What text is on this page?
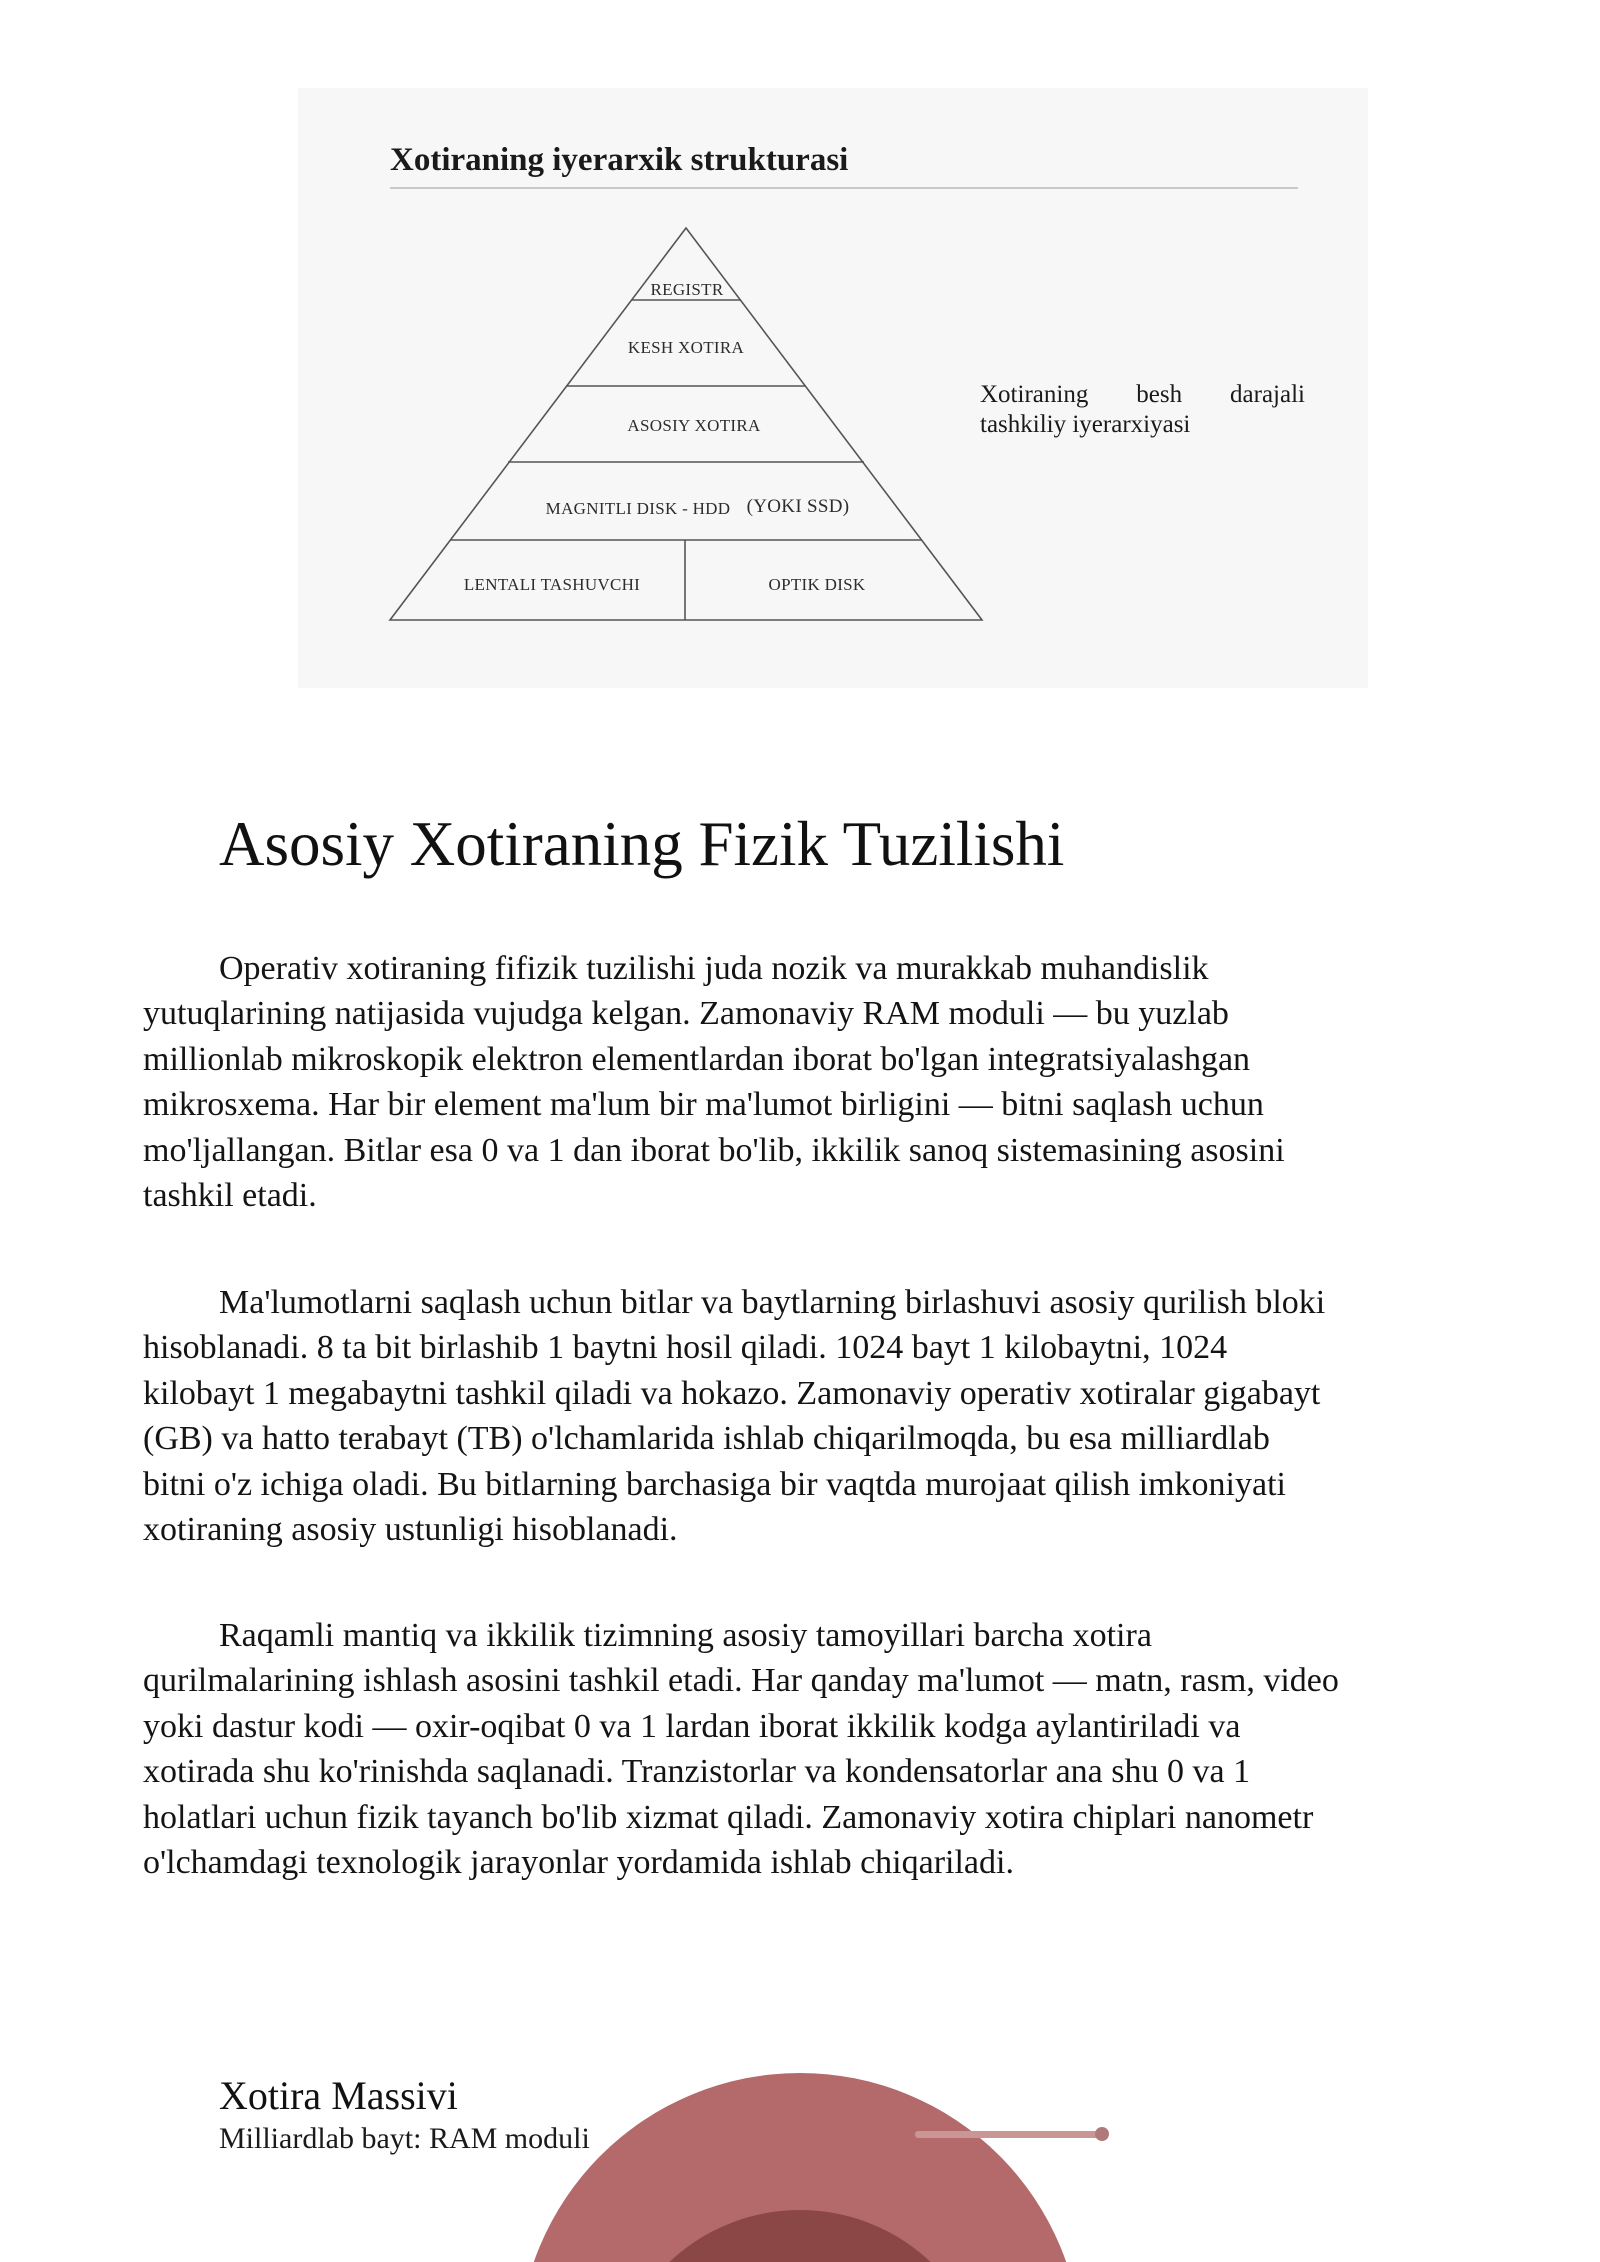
Xotiraning iyerarxik strukturasi
REGISTR
KESH XOTIRA
ASOSIY XOTIRA
MAGNITLI DISK - HDD (YOKI SSD)
LENTALI TASHUVCHI	OPTIK DISK
Xotiraning besh darajali
tashkiliy iyerarxiyasi
Asosiy Xotiraning Fizik Tuzilishi

Operativ xotiraning fifizik tuzilishi juda nozik va murakkab muhandislik
yutuqlarining natijasida vujudga kelgan. Zamonaviy RAM moduli — bu yuzlab
millionlab mikroskopik elektron elementlardan iborat bo'lgan integratsiyalashgan
mikrosxema. Har bir element ma'lum bir ma'lumot birligini — bitni saqlash uchun
mo'ljallangan. Bitlar esa 0 va 1 dan iborat bo'lib, ikkilik sanoq sistemasining asosini
tashkil etadi.

Ma'lumotlarni saqlash uchun bitlar va baytlarning birlashuvi asosiy qurilish bloki
hisoblanadi. 8 ta bit birlashib 1 baytni hosil qiladi. 1024 bayt 1 kilobaytni, 1024
kilobayt 1 megabaytni tashkil qiladi va hokazo. Zamonaviy operativ xotiralar gigabayt
(GB) va hatto terabayt (TB) o'lchamlarida ishlab chiqarilmoqda, bu esa milliardlab
bitni o'z ichiga oladi. Bu bitlarning barchasiga bir vaqtda murojaat qilish imkoniyati
xotiraning asosiy ustunligi hisoblanadi.

Raqamli mantiq va ikkilik tizimning asosiy tamoyillari barcha xotira
qurilmalarining ishlash asosini tashkil etadi. Har qanday ma'lumot — matn, rasm, video
yoki dastur kodi — oxir-oqibat 0 va 1 lardan iborat ikkilik kodga aylantiriladi va
xotirada shu ko'rinishda saqlanadi. Tranzistorlar va kondensatorlar ana shu 0 va 1
holatlari uchun fizik tayanch bo'lib xizmat qiladi. Zamonaviy xotira chiplari nanometr
o'lchamdagi texnologik jarayonlar yordamida ishlab chiqariladi.

Xotira Massivi
Milliardlab bayt: RAM moduli
